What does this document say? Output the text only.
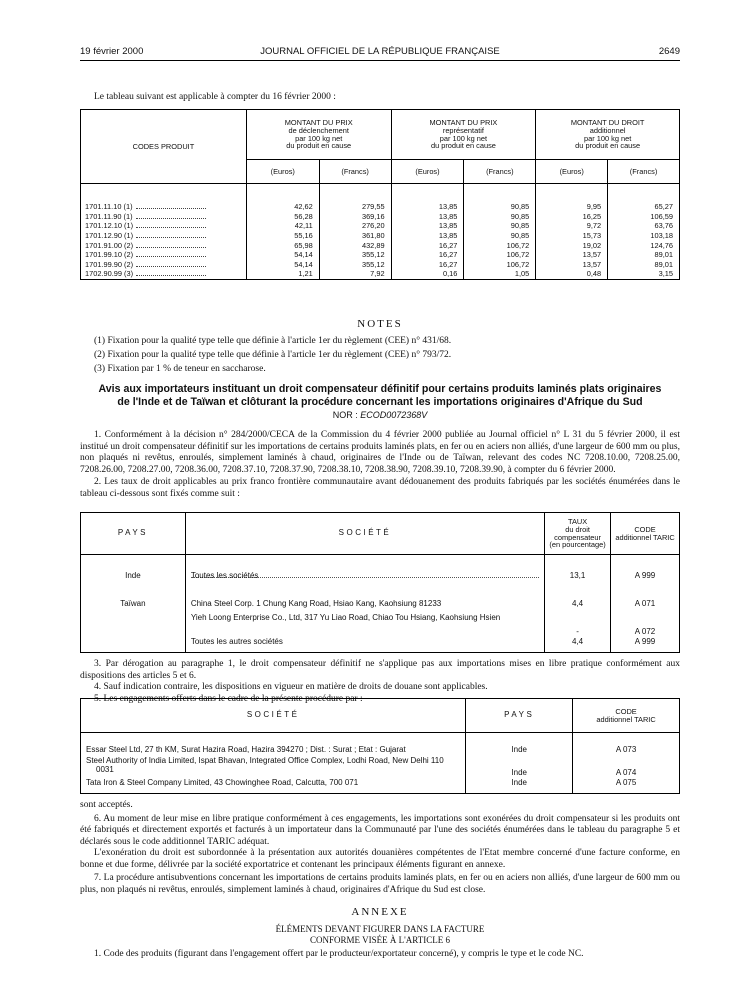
19 février 2000	JOURNAL OFFICIEL DE LA RÉPUBLIQUE FRANÇAISE	2649

Le tableau suivant est applicable à compter du 16 février 2000 :

CODES PRODUIT	MONTANT DU PRIX
de déclenchement
par 100 kg net
du produit en cause		MONTANT DU PRIX
représentatif
par 100 kg net
du produit en cause		MONTANT DU DROIT
additionnel
par 100 kg net
du produit en cause	
	(Euros)	(Francs)	(Euros)	(Francs)	(Euros)	(Francs)

1701.11.10 (1)	42,62	279,55	13,85	90,85	9,95	65,27
1701.11.90 (1)	56,28	369,16	13,85	90,85	16,25	106,59
1701.12.10 (1)	42,11	276,20	13,85	90,85	9,72	63,76
1701.12.90 (1)	55,16	361,80	13,85	90,85	15,73	103,18
1701.91.00 (2)	65,98	432,89	16,27	106,72	19,02	124,76
1701.99.10 (2)	54,14	355,12	16,27	106,72	13,57	89,01
1701.99.90 (2)	54,14	355,12	16,27	106,72	13,57	89,01
1702.90.99 (3)	1,21	7,92	0,16	1,05	0,48	3,15

NOTES

(1) Fixation pour la qualité type telle que définie à l'article 1er du règlement (CEE) n° 431/68.

(2) Fixation pour la qualité type telle que définie à l'article 1er du règlement (CEE) n° 793/72.

(3) Fixation par 1 % de teneur en saccharose.

Avis aux importateurs instituant un droit compensateur définitif pour certains produits laminés plats originaires
de l'Inde et de Taïwan et clôturant la procédure concernant les importations originaires d'Afrique du Sud
NOR : ECOD0072368V

1. Conformément à la décision n° 284/2000/CECA de la Commission du 4 février 2000 publiée au Journal officiel n° L 31 du 5 février 2000, il est institué un droit compensateur définitif sur les importations de certains produits laminés plats, en fer ou en aciers non alliés, d'une largeur de 600 mm ou plus, non plaqués ni revêtus, enroulés, simplement laminés à chaud, originaires de l'Inde ou de Taïwan, relevant des codes NC 7208.10.00, 7208.25.00, 7208.26.00, 7208.27.00, 7208.36.00, 7208.37.10, 7208.37.90, 7208.38.10, 7208.38.90, 7208.39.10, 7208.39.90, à compter du 6 février 2000.

2. Les taux de droit applicables au prix franco frontière communautaire avant dédouanement des produits fabriqués par les sociétés énumérées dans le tableau ci-dessous sont fixés comme suit :

PAYS	SOCIÉTÉ	TAUX
du droit compensateur
(en pourcentage)	CODE
additionnel TARIC

Inde	Toutes les sociétés	13,1	A 999
Taïwan	China Steel Corp. 1 Chung Kang Road, Hsiao Kang, Kaohsiung 81233	4,4	A 071

	Yieh Loong Enterprise Co., Ltd, 317 Yu Liao Road, Chiao Tou Hsiang, Kaohsiung Hsien	-	A 072
	Toutes les autres sociétés	4,4	A 999

3. Par dérogation au paragraphe 1, le droit compensateur définitif ne s'applique pas aux importations mises en libre pratique conformément aux dispositions des articles 5 et 6.

4. Sauf indication contraire, les dispositions en vigueur en matière de droits de douane sont applicables.

5. Les engagements offerts dans le cadre de la présente procédure par :

SOCIÉTÉ	PAYS	CODE
additionnel TARIC

Essar Steel Ltd, 27 th KM, Surat Hazira Road, Hazira 394270 ; Dist. : Surat ; Etat : Gujarat	Inde	A 073

Steel Authority of India Limited, Ispat Bhavan, Integrated Office Complex, Lodhi Road, New Delhi 110 0031	Inde	A 074
Tata Iron & Steel Company Limited, 43 Chowinghee Road, Calcutta, 700 071	Inde	A 075

sont acceptés.

6. Au moment de leur mise en libre pratique conformément à ces engagements, les importations sont exonérées du droit compensateur si les produits ont été fabriqués et directement exportés et facturés à un importateur dans la Communauté par l'une des sociétés énumérées dans le tableau du paragraphe 5 et déclarés sous le code additionnel TARIC adéquat.

L'exonération du droit est subordonnée à la présentation aux autorités douanières compétentes de l'Etat membre concerné d'une facture conforme, en bonne et due forme, délivrée par la société exportatrice et contenant les principaux éléments figurant en annexe.

7. La procédure antisubventions concernant les importations de certains produits laminés plats, en fer ou en aciers non alliés, d'une largeur de 600 mm ou plus, non plaqués ni revêtus, enroulés, simplement laminés à chaud, originaires d'Afrique du Sud est close.

ANNEXE
ÉLÉMENTS DEVANT FIGURER DANS LA FACTURE
CONFORME VISÉE À L'ARTICLE 6

1. Code des produits (figurant dans l'engagement offert par le producteur/exportateur concerné), y compris le type et le code NC.
